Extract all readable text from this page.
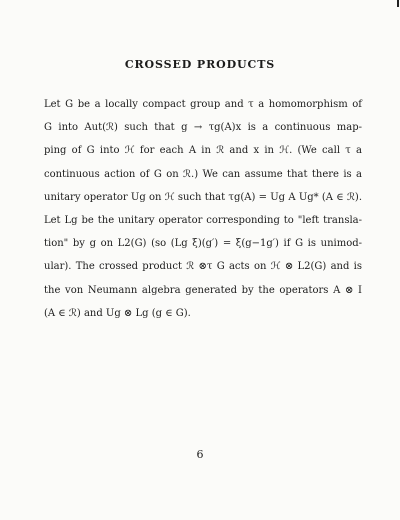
CROSSED PRODUCTS
Let G be a locally compact group and τ a homomorphism of
G into Aut(ℛ) such that g → τg(A)x is a continuous map-
ping of G into ℋ for each A in ℛ and x in ℋ. (We call τ a
continuous action of G on ℛ.) We can assume that there is a
unitary operator Ug on ℋ such that τg(A) = Ug A Ug* (A ∈ ℛ).
Let Lg be the unitary operator corresponding to "left transla-
tion" by g on L2(G) (so (Lg ξ)(g′) = ξ(g−1g′) if G is unimod-
ular). The crossed product ℛ ⊗τ G acts on ℋ ⊗ L2(G) and is
the von Neumann algebra generated by the operators A ⊗ I
(A ∈ ℛ) and Ug ⊗ Lg (g ∈ G).
6
